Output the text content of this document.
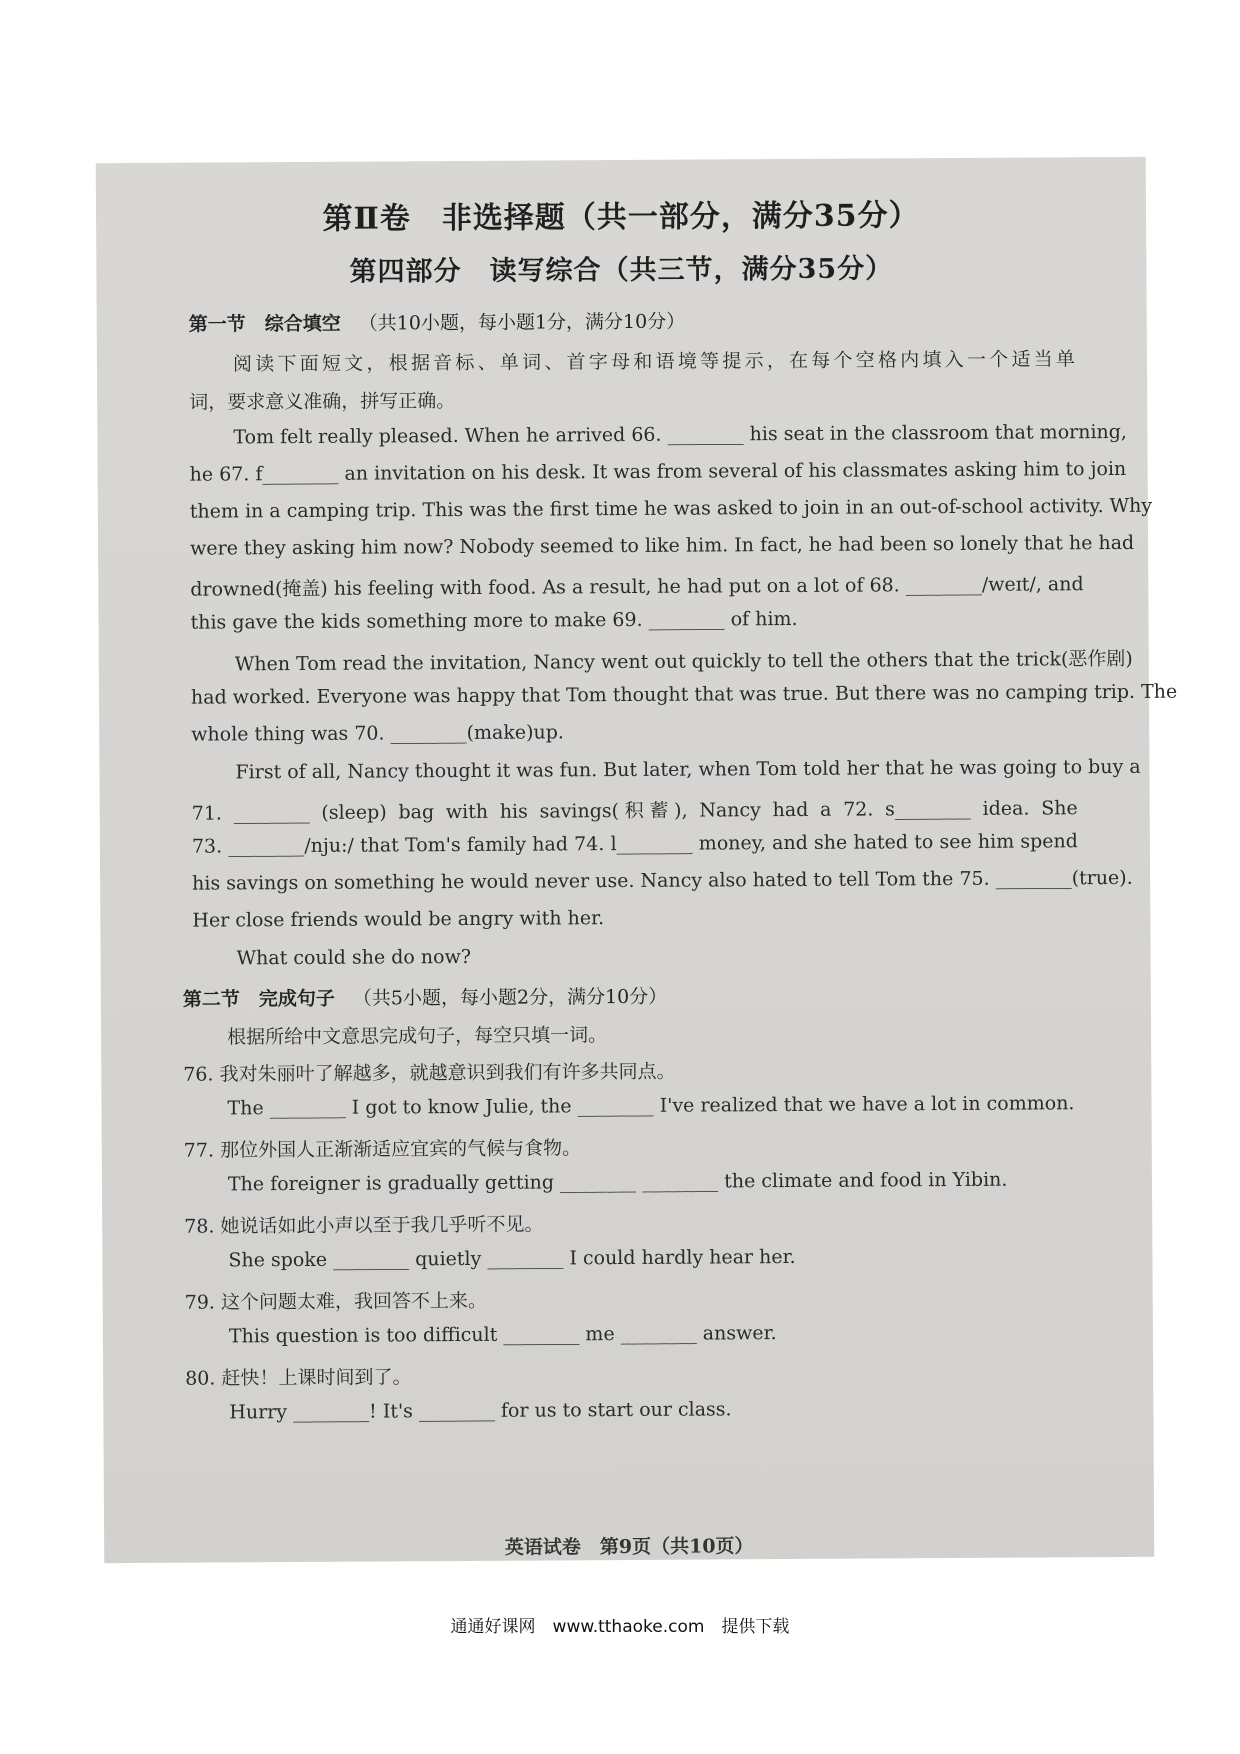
第Ⅱ卷　非选择题（共一部分，满分35分）
第四部分　读写综合（共三节，满分35分）
第一节　综合填空 （共10小题，每小题1分，满分10分）
阅读下面短文，根据音标、单词、首字母和语境等提示，在每个空格内填入一个适当单
词，要求意义准确，拼写正确。
Tom felt really pleased. When he arrived 66. ________ his seat in the classroom that morning,
he 67. f________ an invitation on his desk. It was from several of his classmates asking him to join
them in a camping trip. This was the first time he was asked to join in an out-of-school activity. Why
were they asking him now? Nobody seemed to like him. In fact, he had been so lonely that he had
drowned(掩盖) his feeling with food. As a result, he had put on a lot of 68. ________/weɪt/, and
this gave the kids something more to make 69. ________ of him.
When Tom read the invitation, Nancy went out quickly to tell the others that the trick(恶作剧)
had worked. Everyone was happy that Tom thought that was true. But there was no camping trip. The
whole thing was 70. ________(make)up.
First of all, Nancy thought it was fun. But later, when Tom told her that he was going to buy a
71. ________ (sleep) bag with his savings(积蓄), Nancy had a 72. s________ idea. She
73. ________/nju:/ that Tom's family had 74. l________ money, and she hated to see him spend
his savings on something he would never use. Nancy also hated to tell Tom the 75. ________(true).
Her close friends would be angry with her.
What could she do now?
第二节　完成句子 （共5小题，每小题2分，满分10分）
根据所给中文意思完成句子，每空只填一词。
76. 我对朱丽叶了解越多，就越意识到我们有许多共同点。
The ________ I got to know Julie, the ________ I've realized that we have a lot in common.
77. 那位外国人正渐渐适应宜宾的气候与食物。
The foreigner is gradually getting ________ ________ the climate and food in Yibin.
78. 她说话如此小声以至于我几乎听不见。
She spoke ________ quietly ________ I could hardly hear her.
79. 这个问题太难，我回答不上来。
This question is too difficult ________ me ________ answer.
80. 赶快！上课时间到了。
Hurry ________! It's ________ for us to start our class.
英语试卷　第9页（共10页）
通通好课网　www.tthaoke.com　提供下载
